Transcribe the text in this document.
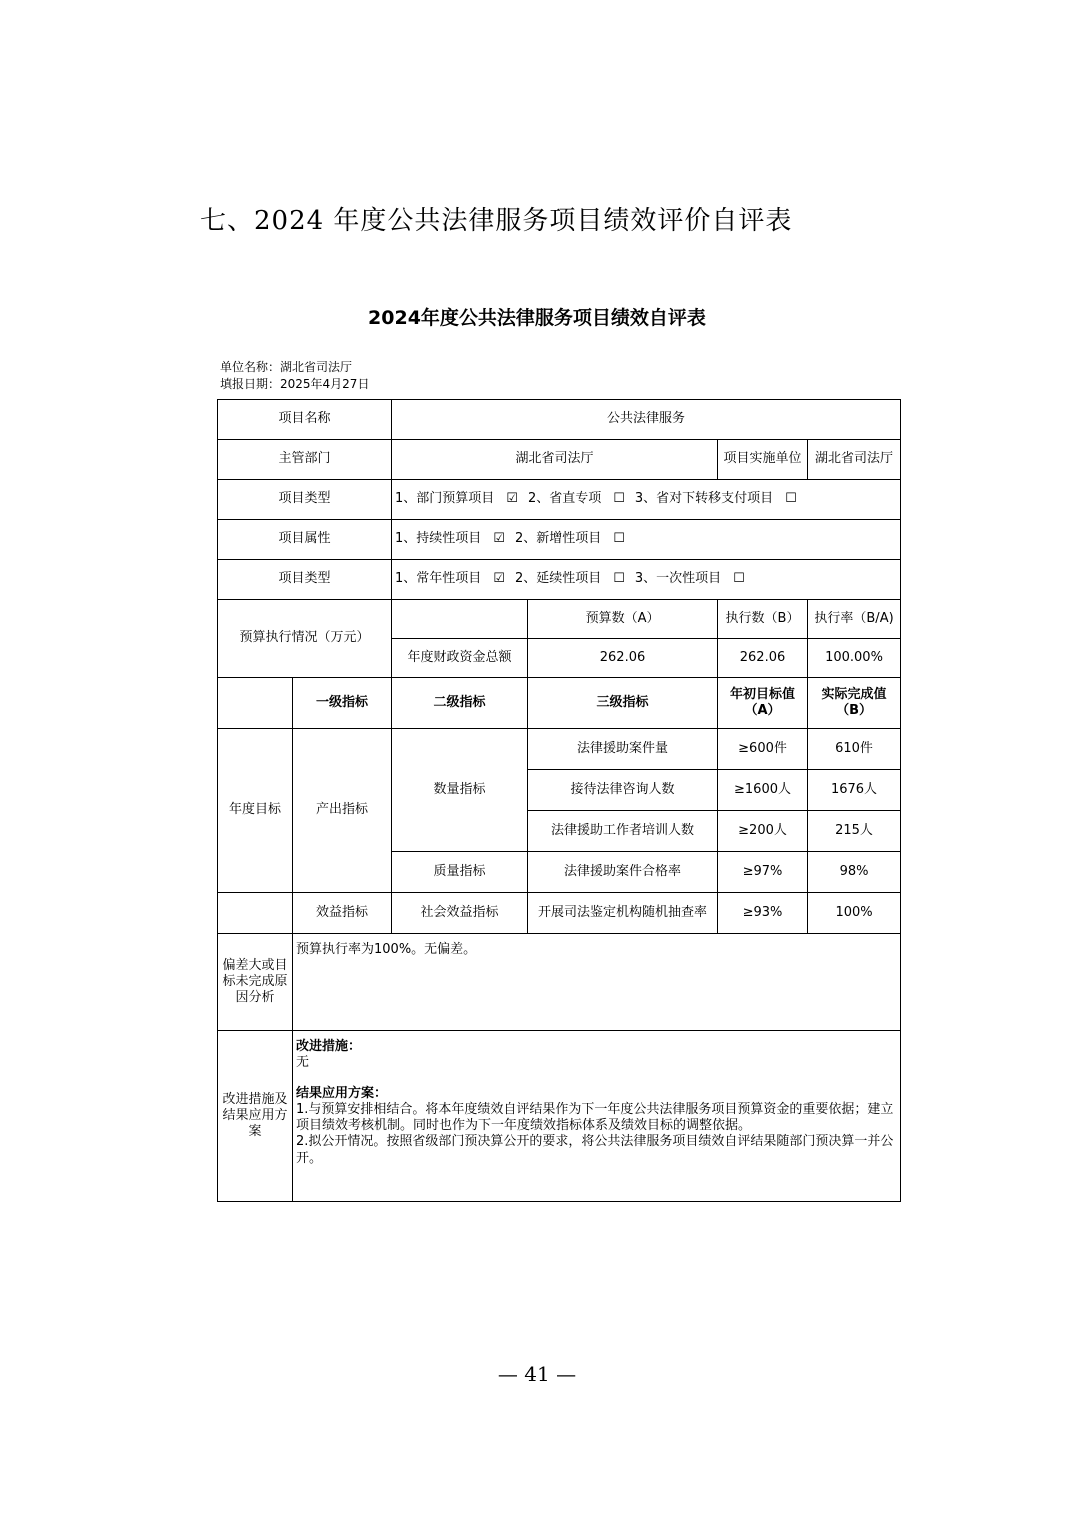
七、2024 年度公共法律服务项目绩效评价自评表
2024年度公共法律服务项目绩效自评表
单位名称：湖北省司法厅
填报日期：2025年4月27日
项目名称		公共法律服务			
主管部门		湖北省司法厅		项目实施单位	湖北省司法厅
项目类型		1、部门预算项目 ☑ 2、省直专项 ☐ 3、省对下转移支付项目 ☐			
项目属性		1、持续性项目 ☑ 2、新增性项目 ☐			
项目类型		1、常年性项目 ☑ 2、延续性项目 ☐ 3、一次性项目 ☐			
预算执行情况（万元）			预算数（A）	执行数（B）	执行率（B/A)
		年度财政资金总额	262.06	262.06	100.00%
	一级指标	二级指标	三级指标	年初目标值（A）	实际完成值（B）
年度目标	产出指标	数量指标	法律援助案件量	≥600件	610件
			接待法律咨询人数	≥1600人	1676人
			法律援助工作者培训人数	≥200人	215人
		质量指标	法律援助案件合格率	≥97%	98%
	效益指标	社会效益指标	开展司法鉴定机构随机抽查率	≥93%	100%
偏差大或目标未完成原因分析	预算执行率为100%。无偏差。				
改进措施及结果应用方案	改进措施：
无
结果应用方案：
1.与预算安排相结合。将本年度绩效自评结果作为下一年度公共法律服务项目预算资金的重要依据；建立项目绩效考核机制。同时也作为下一年度绩效指标体系及绩效目标的调整依据。
2.拟公开情况。按照省级部门预决算公开的要求，将公共法律服务项目绩效自评结果随部门预决算一并公开。				
— 41 —
